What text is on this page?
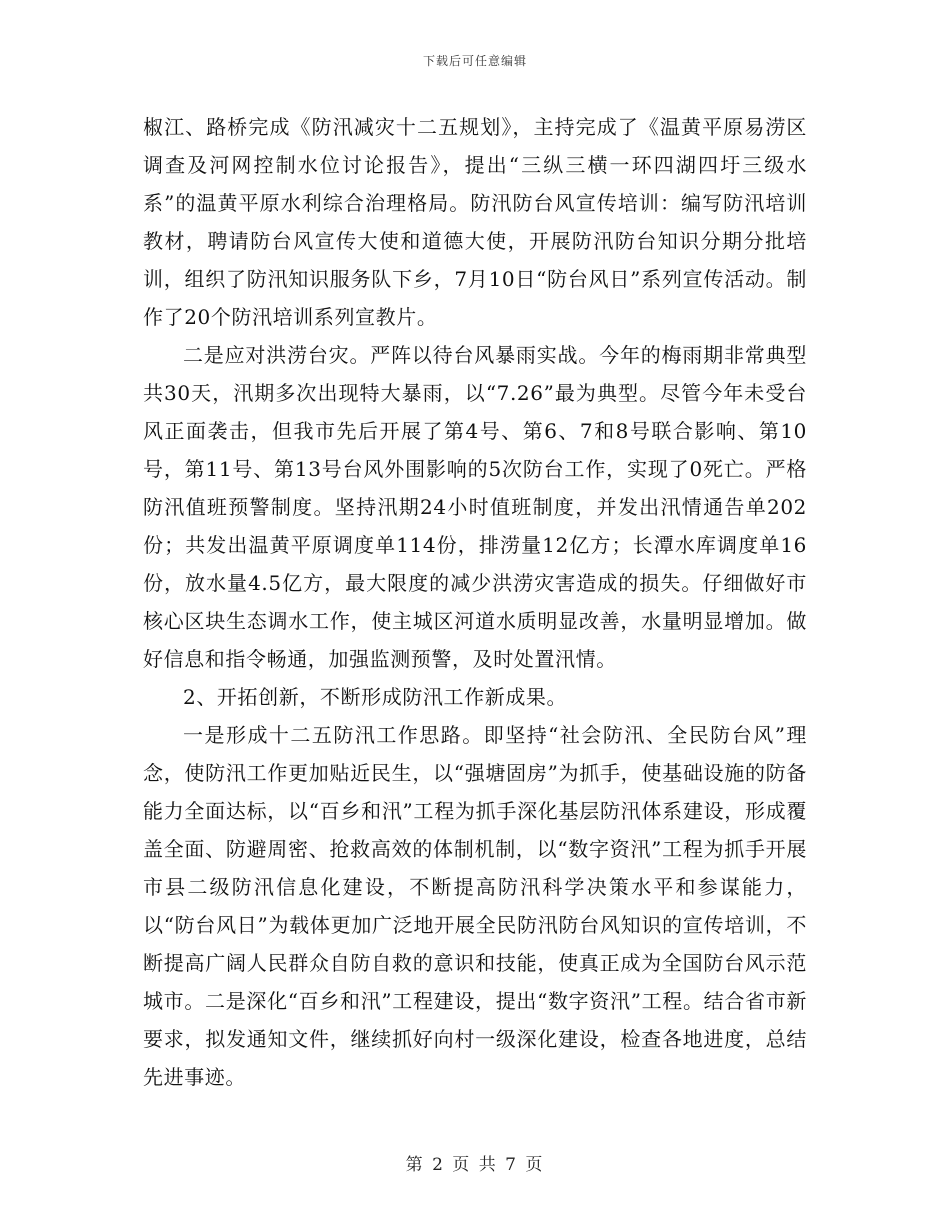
下载后可任意编辑

椒江、路桥完成《防汛减灾十二五规划》，主持完成了《温黄平原易涝区调查及河网控制水位讨论报告》，提出“三纵三横一环四湖四圩三级水系”的温黄平原水利综合治理格局。防汛防台风宣传培训：编写防汛培训教材，聘请防台风宣传大使和道德大使，开展防汛防台知识分期分批培训，组织了防汛知识服务队下乡，7月10日“防台风日”系列宣传活动。制作了20个防汛培训系列宣教片。

二是应对洪涝台灾。严阵以待台风暴雨实战。今年的梅雨期非常典型共30天，汛期多次出现特大暴雨，以“7.26”最为典型。尽管今年未受台风正面袭击，但我市先后开展了第4号、第6、7和8号联合影响、第10号，第11号、第13号台风外围影响的5次防台工作，实现了0死亡。严格防汛值班预警制度。坚持汛期24小时值班制度，并发出汛情通告单202份；共发出温黄平原调度单114份，排涝量12亿方；长潭水库调度单16份，放水量4.5亿方，最大限度的减少洪涝灾害造成的损失。仔细做好市核心区块生态调水工作，使主城区河道水质明显改善，水量明显增加。做好信息和指令畅通，加强监测预警，及时处置汛情。

2、开拓创新，不断形成防汛工作新成果。

一是形成十二五防汛工作思路。即坚持“社会防汛、全民防台风”理念，使防汛工作更加贴近民生，以“强塘固房”为抓手，使基础设施的防备能力全面达标，以“百乡和汛”工程为抓手深化基层防汛体系建设，形成覆盖全面、防避周密、抢救高效的体制机制，以“数字资汛”工程为抓手开展市县二级防汛信息化建设，不断提高防汛科学决策水平和参谋能力，以“防台风日”为载体更加广泛地开展全民防汛防台风知识的宣传培训，不断提高广阔人民群众自防自救的意识和技能，使真正成为全国防台风示范城市。二是深化“百乡和汛”工程建设，提出“数字资汛”工程。结合省市新要求，拟发通知文件，继续抓好向村一级深化建设，检查各地进度，总结先进事迹。

第 2 页 共 7 页
